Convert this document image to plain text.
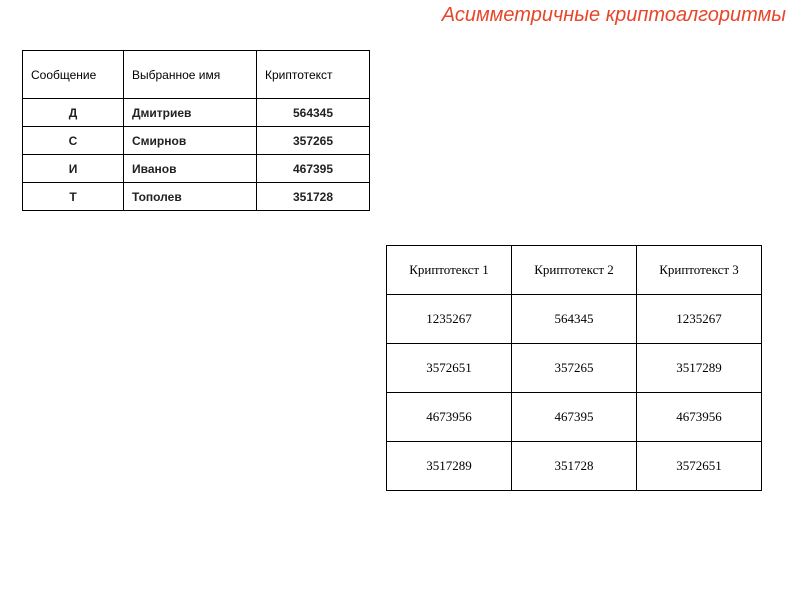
Асимметричные криптоалгоритмы
Сообщение	Выбранное имя	Криптотекст
Д	Дмитриев	564345
С	Смирнов	357265
И	Иванов	467395
Т	Тополев	351728
Криптотекст 1	Криптотекст 2	Криптотекст 3
1235267	564345	1235267
3572651	357265	3517289
4673956	467395	4673956
3517289	351728	3572651
